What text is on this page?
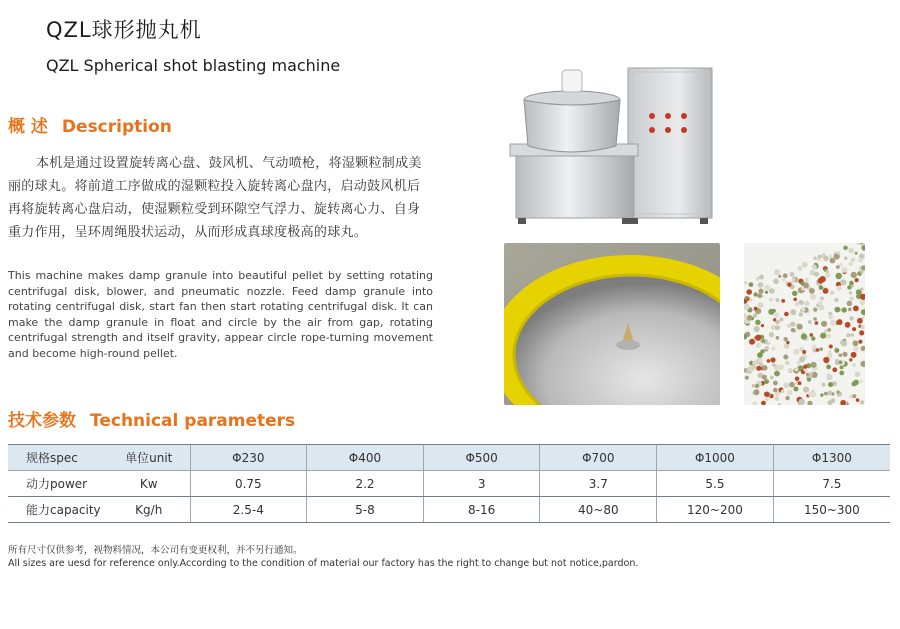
QZL球形抛丸机
QZL Spherical shot blasting machine
概 述 Description
本机是通过设置旋转离心盘、鼓风机、气动喷枪，将湿颗粒制成美丽的球丸。将前道工序做成的湿颗粒投入旋转离心盘内，启动鼓风机后再将旋转离心盘启动，使湿颗粒受到环隙空气浮力、旋转离心力、自身重力作用，呈环周绳股状运动，从而形成真球度极高的球丸。
This machine makes damp granule into beautiful pellet by setting rotating centrifugal disk, blower, and pneumatic nozzle. Feed damp granule into rotating centrifugal disk, start fan then start rotating centrifugal disk. It can make the damp granule in float and circle by the air from gap, rotating centrifugal strength and itself gravity, appear circle rope-turning movement and become high-round pellet.
技术参数 Technical parameters
规格spec	单位unit	Φ230	Φ400	Φ500	Φ700	Φ1000	Φ1300
动力power	Kw	0.75	2.2	3	3.7	5.5	7.5
能力capacity	Kg/h	2.5-4	5-8	8-16	40~80	120~200	150~300
所有尺寸仅供参考，视物料情况，本公司有变更权利，并不另行通知。
All sizes are uesd for reference only.According to the condition of material our factory has the right to change but not notice,pardon.
